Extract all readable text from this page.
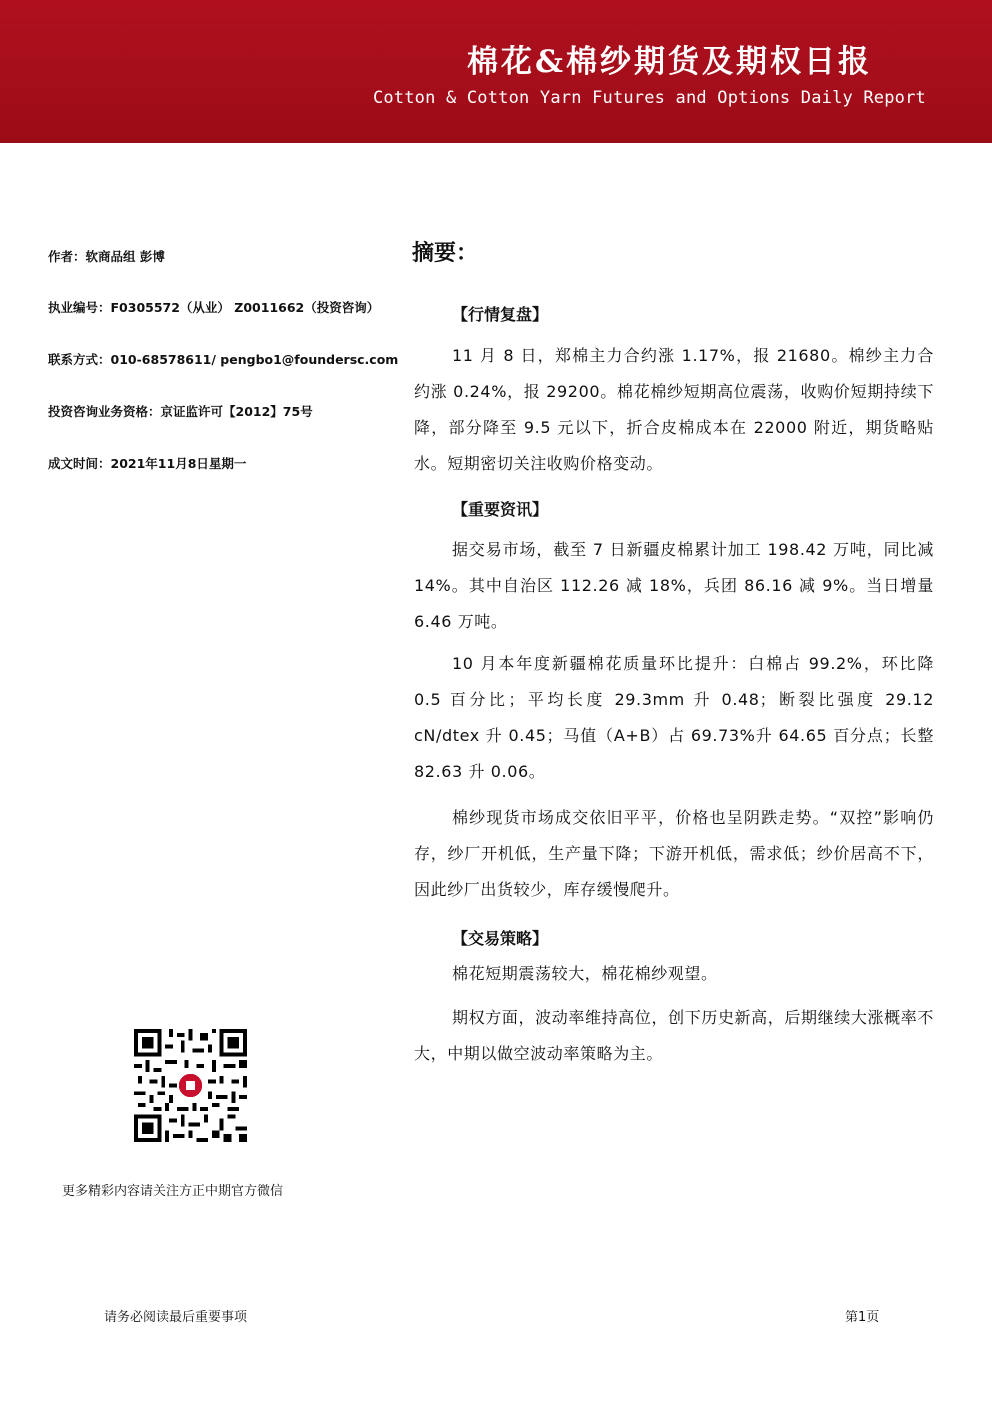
棉花&棉纱期货及期权日报
Cotton & Cotton Yarn Futures and Options Daily Report
作者：软商品组 彭博
执业编号：F0305572（从业） Z0011662（投资咨询）
联系方式：010-68578611/ pengbo1@foundersc.com
投资咨询业务资格：京证监许可【2012】75号
成文时间：2021年11月8日星期一
摘要：
【行情复盘】
11 月 8 日，郑棉主力合约涨 1.17%，报 21680。棉纱主力合约涨 0.24%，报 29200。棉花棉纱短期高位震荡，收购价短期持续下降，部分降至 9.5 元以下，折合皮棉成本在 22000 附近，期货略贴水。短期密切关注收购价格变动。
【重要资讯】
据交易市场，截至 7 日新疆皮棉累计加工 198.42 万吨，同比减 14%。其中自治区 112.26 减 18%，兵团 86.16 减 9%。当日增量 6.46 万吨。
10 月本年度新疆棉花质量环比提升：白棉占 99.2%，环比降 0.5 百分比；平均长度 29.3mm 升 0.48；断裂比强度 29.12 cN/dtex 升 0.45；马值（A+B）占 69.73%升 64.65 百分点；长整 82.63 升 0.06。
棉纱现货市场成交依旧平平，价格也呈阴跌走势。“双控”影响仍存，纱厂开机低，生产量下降；下游开机低，需求低；纱价居高不下，因此纱厂出货较少，库存缓慢爬升。
【交易策略】
棉花短期震荡较大，棉花棉纱观望。
期权方面，波动率维持高位，创下历史新高，后期继续大涨概率不大，中期以做空波动率策略为主。
更多精彩内容请关注方正中期官方微信
请务必阅读最后重要事项	第1页
